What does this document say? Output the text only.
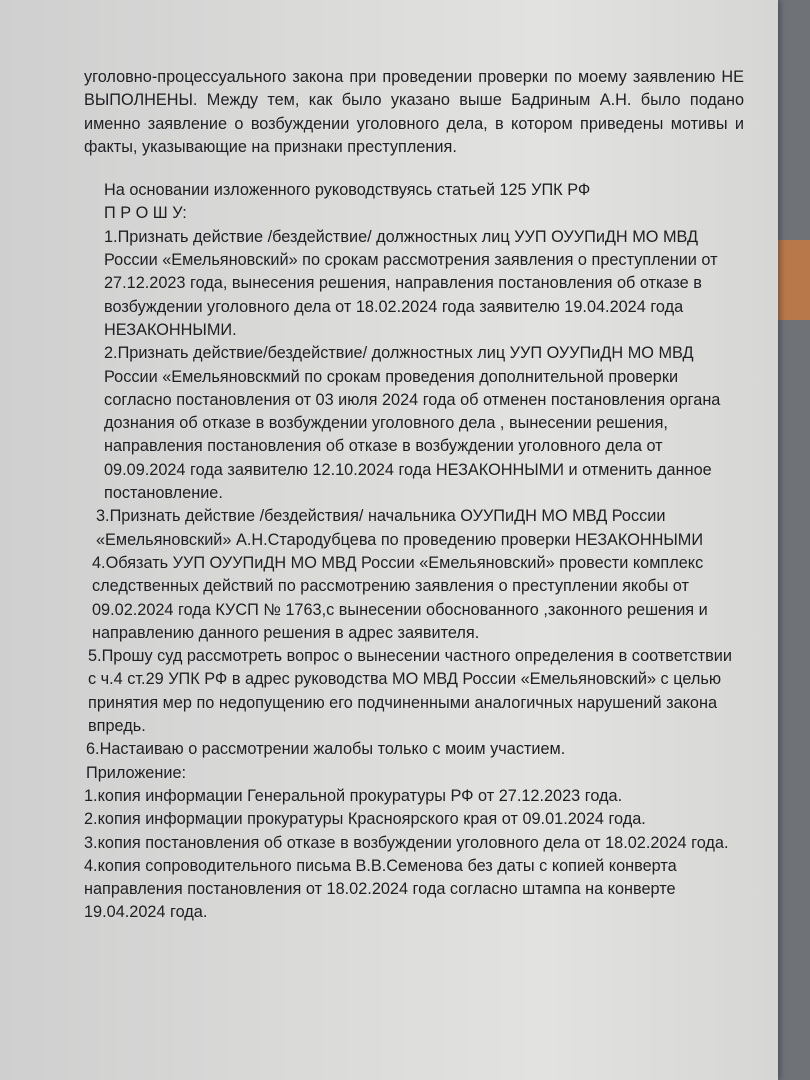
уголовно-процессуального закона при проведении проверки по моему заявлению НЕ ВЫПОЛНЕНЫ. Между тем, как было указано выше Бадриным А.Н. было подано именно заявление о возбуждении уголовного дела, в котором приведены мотивы и факты, указывающие на признаки преступления.

На основании изложенного руководствуясь статьей 125 УПК РФ

П Р О Ш У:

1.Признать действие /бездействие/ должностных лиц УУП ОУУПиДН МО МВД России «Емельяновский» по срокам рассмотрения заявления о преступлении от 27.12.2023 года, вынесения решения, направления постановления об отказе в возбуждении уголовного дела от 18.02.2024 года заявителю 19.04.2024 года НЕЗАКОННЫМИ.

2.Признать действие/бездействие/ должностных лиц УУП ОУУПиДН МО МВД России «Емельяновскмий по срокам проведения дополнительной проверки согласно постановления от 03 июля 2024 года об отменен постановления органа дознания об отказе в возбуждении уголовного дела , вынесении решения, направления постановления об отказе в возбуждении уголовного дела от 09.09.2024 года заявителю 12.10.2024 года НЕЗАКОННЫМИ и отменить данное постановление.

3.Признать действие /бездействия/ начальника ОУУПиДН МО МВД России «Емельяновский» А.Н.Стародубцева по проведению проверки НЕЗАКОННЫМИ

4.Обязать УУП ОУУПиДН МО МВД России «Емельяновский» провести комплекс следственных действий по рассмотрению заявления о преступлении якобы от 09.02.2024 года КУСП № 1763,с вынесении обоснованного ,законного решения и направлению данного решения в адрес заявителя.

5.Прошу суд рассмотреть вопрос о вынесении частного определения в соответствии с ч.4 ст.29 УПК РФ в адрес руководства МО МВД России «Емельяновский» с целью принятия мер по недопущению его подчиненными аналогичных нарушений закона впредь.

6.Настаиваю о рассмотрении жалобы только с моим участием.

Приложение:

1.копия информации Генеральной прокуратуры РФ от 27.12.2023 года.

2.копия информации прокуратуры Красноярского края от 09.01.2024 года.

3.копия постановления об отказе в возбуждении уголовного дела от 18.02.2024 года.

4.копия сопроводительного письма В.В.Семенова без даты с копией конверта направления постановления от 18.02.2024 года согласно штампа на конверте 19.04.2024 года.
